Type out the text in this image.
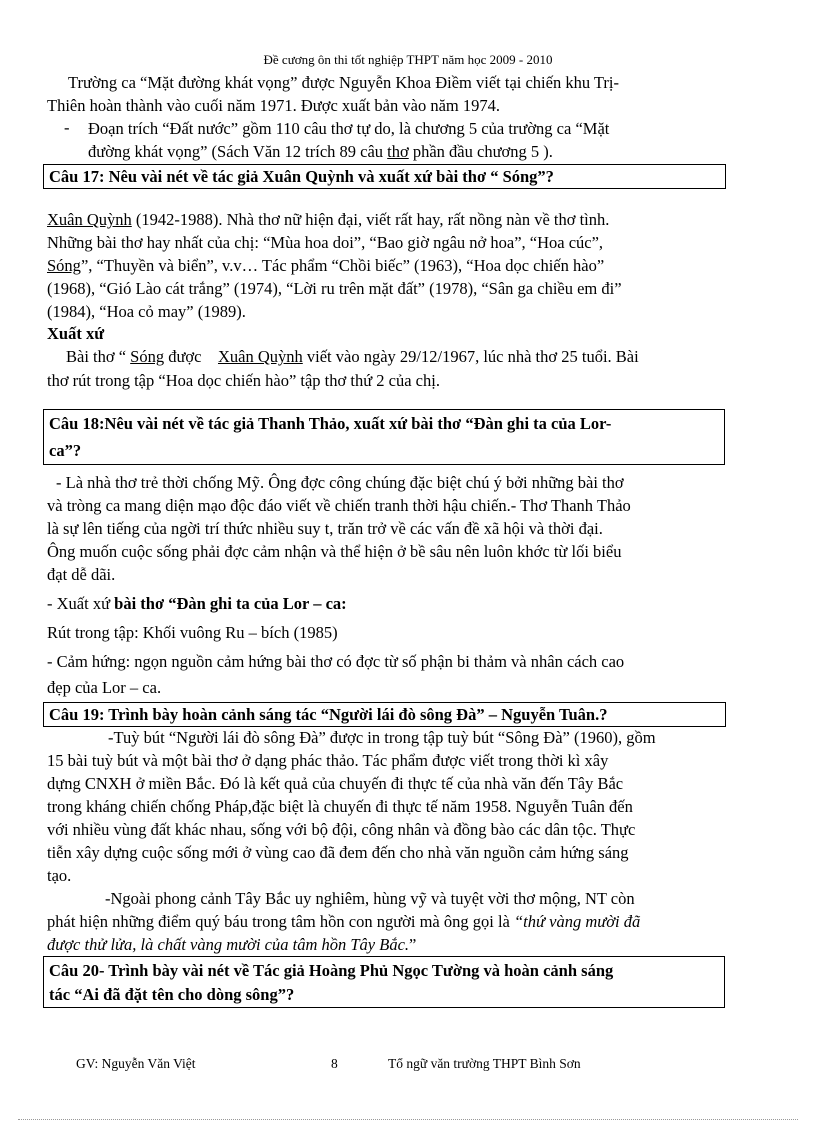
Đề cương ôn thi tốt nghiệp THPT năm học 2009 - 2010

Trường ca “Mặt đường khát vọng” được Nguyễn Khoa Điềm viết tại chiến khu Trị-

Thiên hoàn thành vào cuối năm 1971. Được xuất bản vào năm 1974.

- Đoạn trích “Đất nước” gồm 110 câu thơ tự do, là chương 5 của trường ca “Mặt

đường khát vọng” (Sách Văn 12 trích 89 câu thơ phần đầu chương 5 ).

Câu 17: Nêu vài nét về tác giả Xuân Quỳnh và xuất xứ bài thơ “ Sóng”?

Xuân Quỳnh (1942-1988). Nhà thơ nữ hiện đại, viết rất hay, rất nồng nàn về thơ tình.

Những bài thơ hay nhất của chị: “Mùa hoa doi”, “Bao giờ ngâu nở hoa”, “Hoa cúc”,

Sóng”, “Thuyền và biển”, v.v… Tác phẩm “Chồi biếc” (1963), “Hoa dọc chiến hào”

(1968), “Gió Lào cát trắng” (1974), “Lời ru trên mặt đất” (1978), “Sân ga chiều em đi”

(1984), “Hoa cỏ may” (1989).

Xuất xứ

Bài thơ “ Sóng được    Xuân Quỳnh viết vào ngày 29/12/1967, lúc nhà thơ 25 tuổi. Bài

thơ rút trong tập “Hoa dọc chiến hào” tập thơ thứ 2 của chị.

Câu 18:Nêu vài nét về tác giả Thanh Thảo, xuất xứ bài thơ “Đàn ghi ta của Lor-
ca”?

- Là nhà thơ trẻ thời chống Mỹ. Ông đợc công chúng đặc biệt chú ý bởi những bài thơ

và tròng ca mang diện mạo độc đáo viết về chiến tranh thời hậu chiến.- Thơ Thanh Thảo

là sự lên tiếng của ngời trí thức nhiều suy t, trăn trở về các vấn đề xã hội và thời đại.

Ông muốn cuộc sống phải đợc cảm nhận và thể hiện ở bề sâu nên luôn khớc từ lối biểu

đạt dễ dãi.

- Xuất xứ bài thơ “Đàn ghi ta của Lor – ca:

Rút trong tập: Khối vuông Ru – bích (1985)

- Cảm hứng: ngọn nguồn cảm hứng bài thơ có đợc từ số phận bi thảm và nhân cách cao

đẹp của Lor – ca.

Câu 19: Trình bày hoàn cảnh sáng tác “Người lái đò sông Đà” – Nguyễn Tuân.?

-Tuỳ bút “Người lái đò sông Đà” được in trong tập tuỳ bút “Sông Đà” (1960), gồm

15 bài tuỳ bút và một bài thơ ở dạng phác thảo. Tác phẩm được viết trong thời kì xây

dựng CNXH ở miền Bắc. Đó là kết quả của chuyến đi thực tế của nhà văn đến Tây Bắc

trong kháng chiến chống Pháp,đặc biệt là chuyến đi thực tế năm 1958. Nguyễn Tuân đến

với nhiều vùng đất khác nhau, sống với bộ đội, công nhân và đồng bào các dân tộc. Thực

tiễn xây dựng cuộc sống mới ở vùng cao đã đem đến cho nhà văn nguồn cảm hứng sáng

tạo.

-Ngoài phong cảnh Tây Bắc uy nghiêm, hùng vỹ và tuyệt vời thơ mộng, NT còn

phát hiện những điểm quý báu trong tâm hồn con người mà ông gọi là “thứ vàng mười đã

được thử lửa, là chất vàng mười của tâm hồn Tây Bắc.”

Câu 20- Trình bày vài nét về Tác giả Hoàng Phủ Ngọc Tường và hoàn cảnh sáng
tác “Ai đã đặt tên cho dòng sông”?
GV: Nguyễn Văn Việt	8	Tổ ngữ văn trường THPT Bình Sơn
